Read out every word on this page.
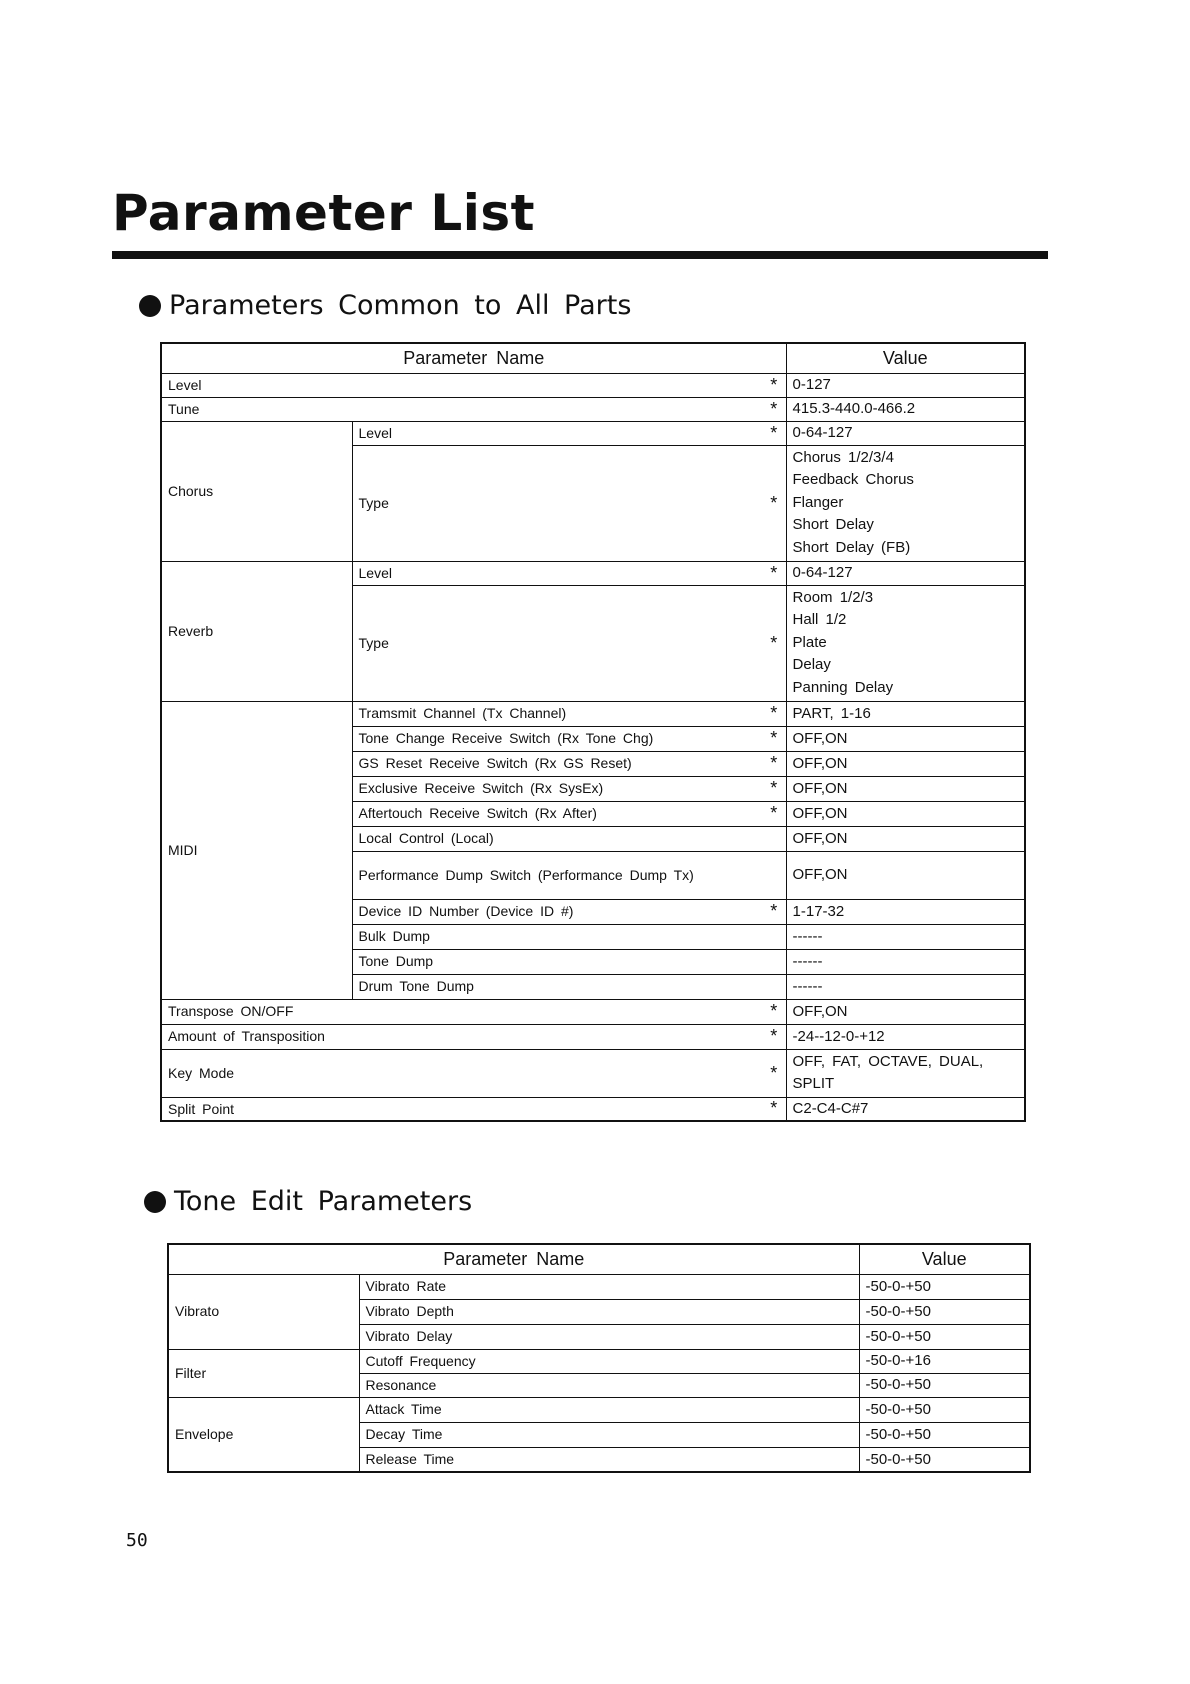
Parameter List
Parameters Common to All Parts
Parameter Name			Value
Level		*	0-127
Tune		*	415.3-440.0-466.2
Chorus	Level	*	0-64-127
	Type	*	Chorus 1/2/3/4
Feedback Chorus
Flanger
Short Delay
Short Delay (FB)

Reverb	Level	*	0-64-127
	Type	*	Room 1/2/3
Hall 1/2
Plate
Delay
Panning Delay

MIDI	Tramsmit Channel (Tx Channel)	*	PART, 1-16
	Tone Change Receive Switch (Rx Tone Chg)	*	OFF,ON
	GS Reset Receive Switch (Rx GS Reset)	*	OFF,ON
	Exclusive Receive Switch (Rx SysEx)	*	OFF,ON
	Aftertouch Receive Switch (Rx After)	*	OFF,ON
	Local Control (Local)		OFF,ON
	Performance Dump Switch (Performance Dump Tx)		OFF,ON
	Device ID Number (Device ID #)	*	1-17-32
	Bulk Dump		------
	Tone Dump		------
	Drum Tone Dump		------
Transpose ON/OFF		*	OFF,ON
Amount of Transposition		*	-24--12-0-+12
Key Mode		*	OFF, FAT, OCTAVE, DUAL,
SPLIT

Split Point		*	C2-C4-C#7
Tone Edit Parameters
Parameter Name		Value
Vibrato	Vibrato Rate	-50-0-+50
	Vibrato Depth	-50-0-+50
	Vibrato Delay	-50-0-+50
Filter	Cutoff Frequency	-50-0-+16
	Resonance	-50-0-+50
Envelope	Attack Time	-50-0-+50
	Decay Time	-50-0-+50
	Release Time	-50-0-+50
50
